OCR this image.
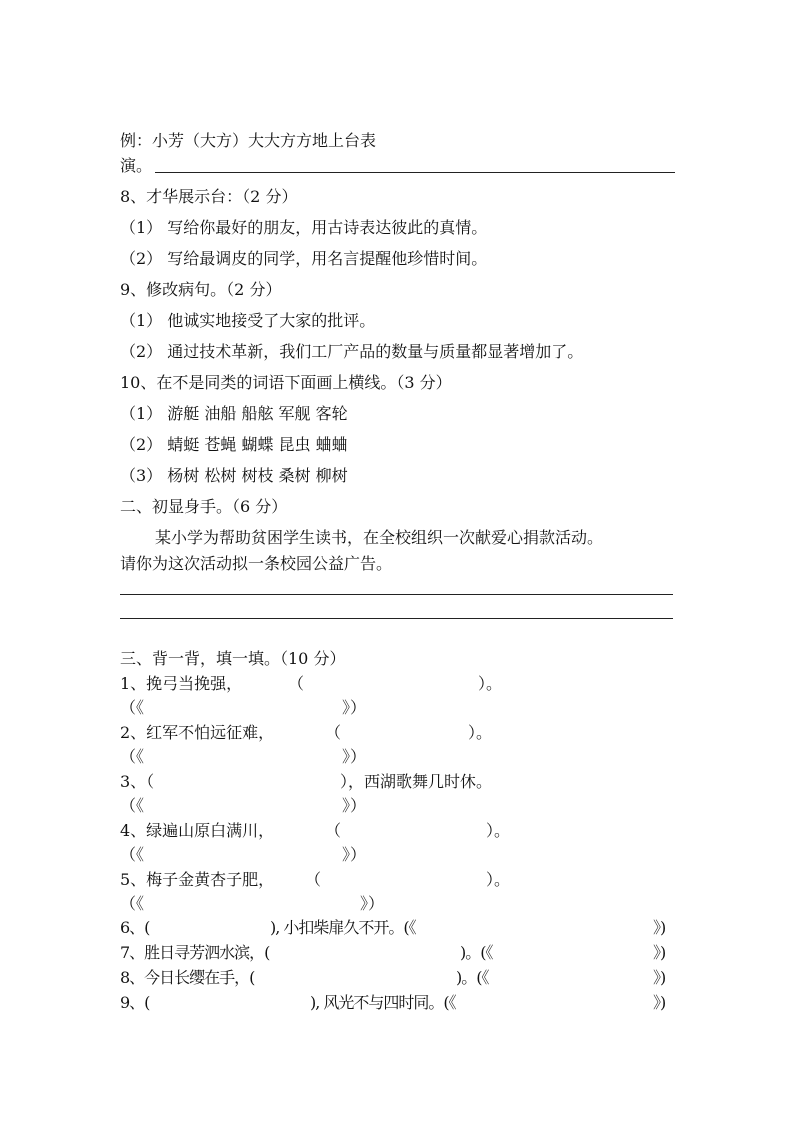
例：小芳（大方）大大方方地上台表
演。
8、才华展示台：（2 分）
（1） 写给你最好的朋友，用古诗表达彼此的真情。
（2） 写给最调皮的同学，用名言提醒他珍惜时间。
9、修改病句。（2 分）
（1） 他诚实地接受了大家的批评。
（2） 通过技术革新，我们工厂产品的数量与质量都显著增加了。
10、在不是同类的词语下面画上横线。（3 分）
（1） 游艇 油船 船舷 军舰 客轮
（2） 蜻蜓 苍蝇 蝴蝶 昆虫 蛐蛐
（3） 杨树 松树 树枝 桑树 柳树
二、初显身手。（6 分）
某小学为帮助贫困学生读书，在全校组织一次献爱心捐款活动。
请你为这次活动拟一条校园公益广告。
三、背一背，填一填。（10 分）
1、挽弓当挽强，	（	）。
（《	》）
2、红军不怕远征难，	（	）。
（《	》）
3、（	），西湖歌舞几时休。
（《	》）
4、绿遍山原白满川，	（	）。
（《	》）
5、梅子金黄杏子肥， （	）。
（《	》）
6、(	), 小扣柴扉久不开。(《	》)
7、胜日寻芳泗水滨，(	)。(《	》)
8、今日长缨在手，(	)。(《	》)
9、(	), 风光不与四时同。(《	》)
